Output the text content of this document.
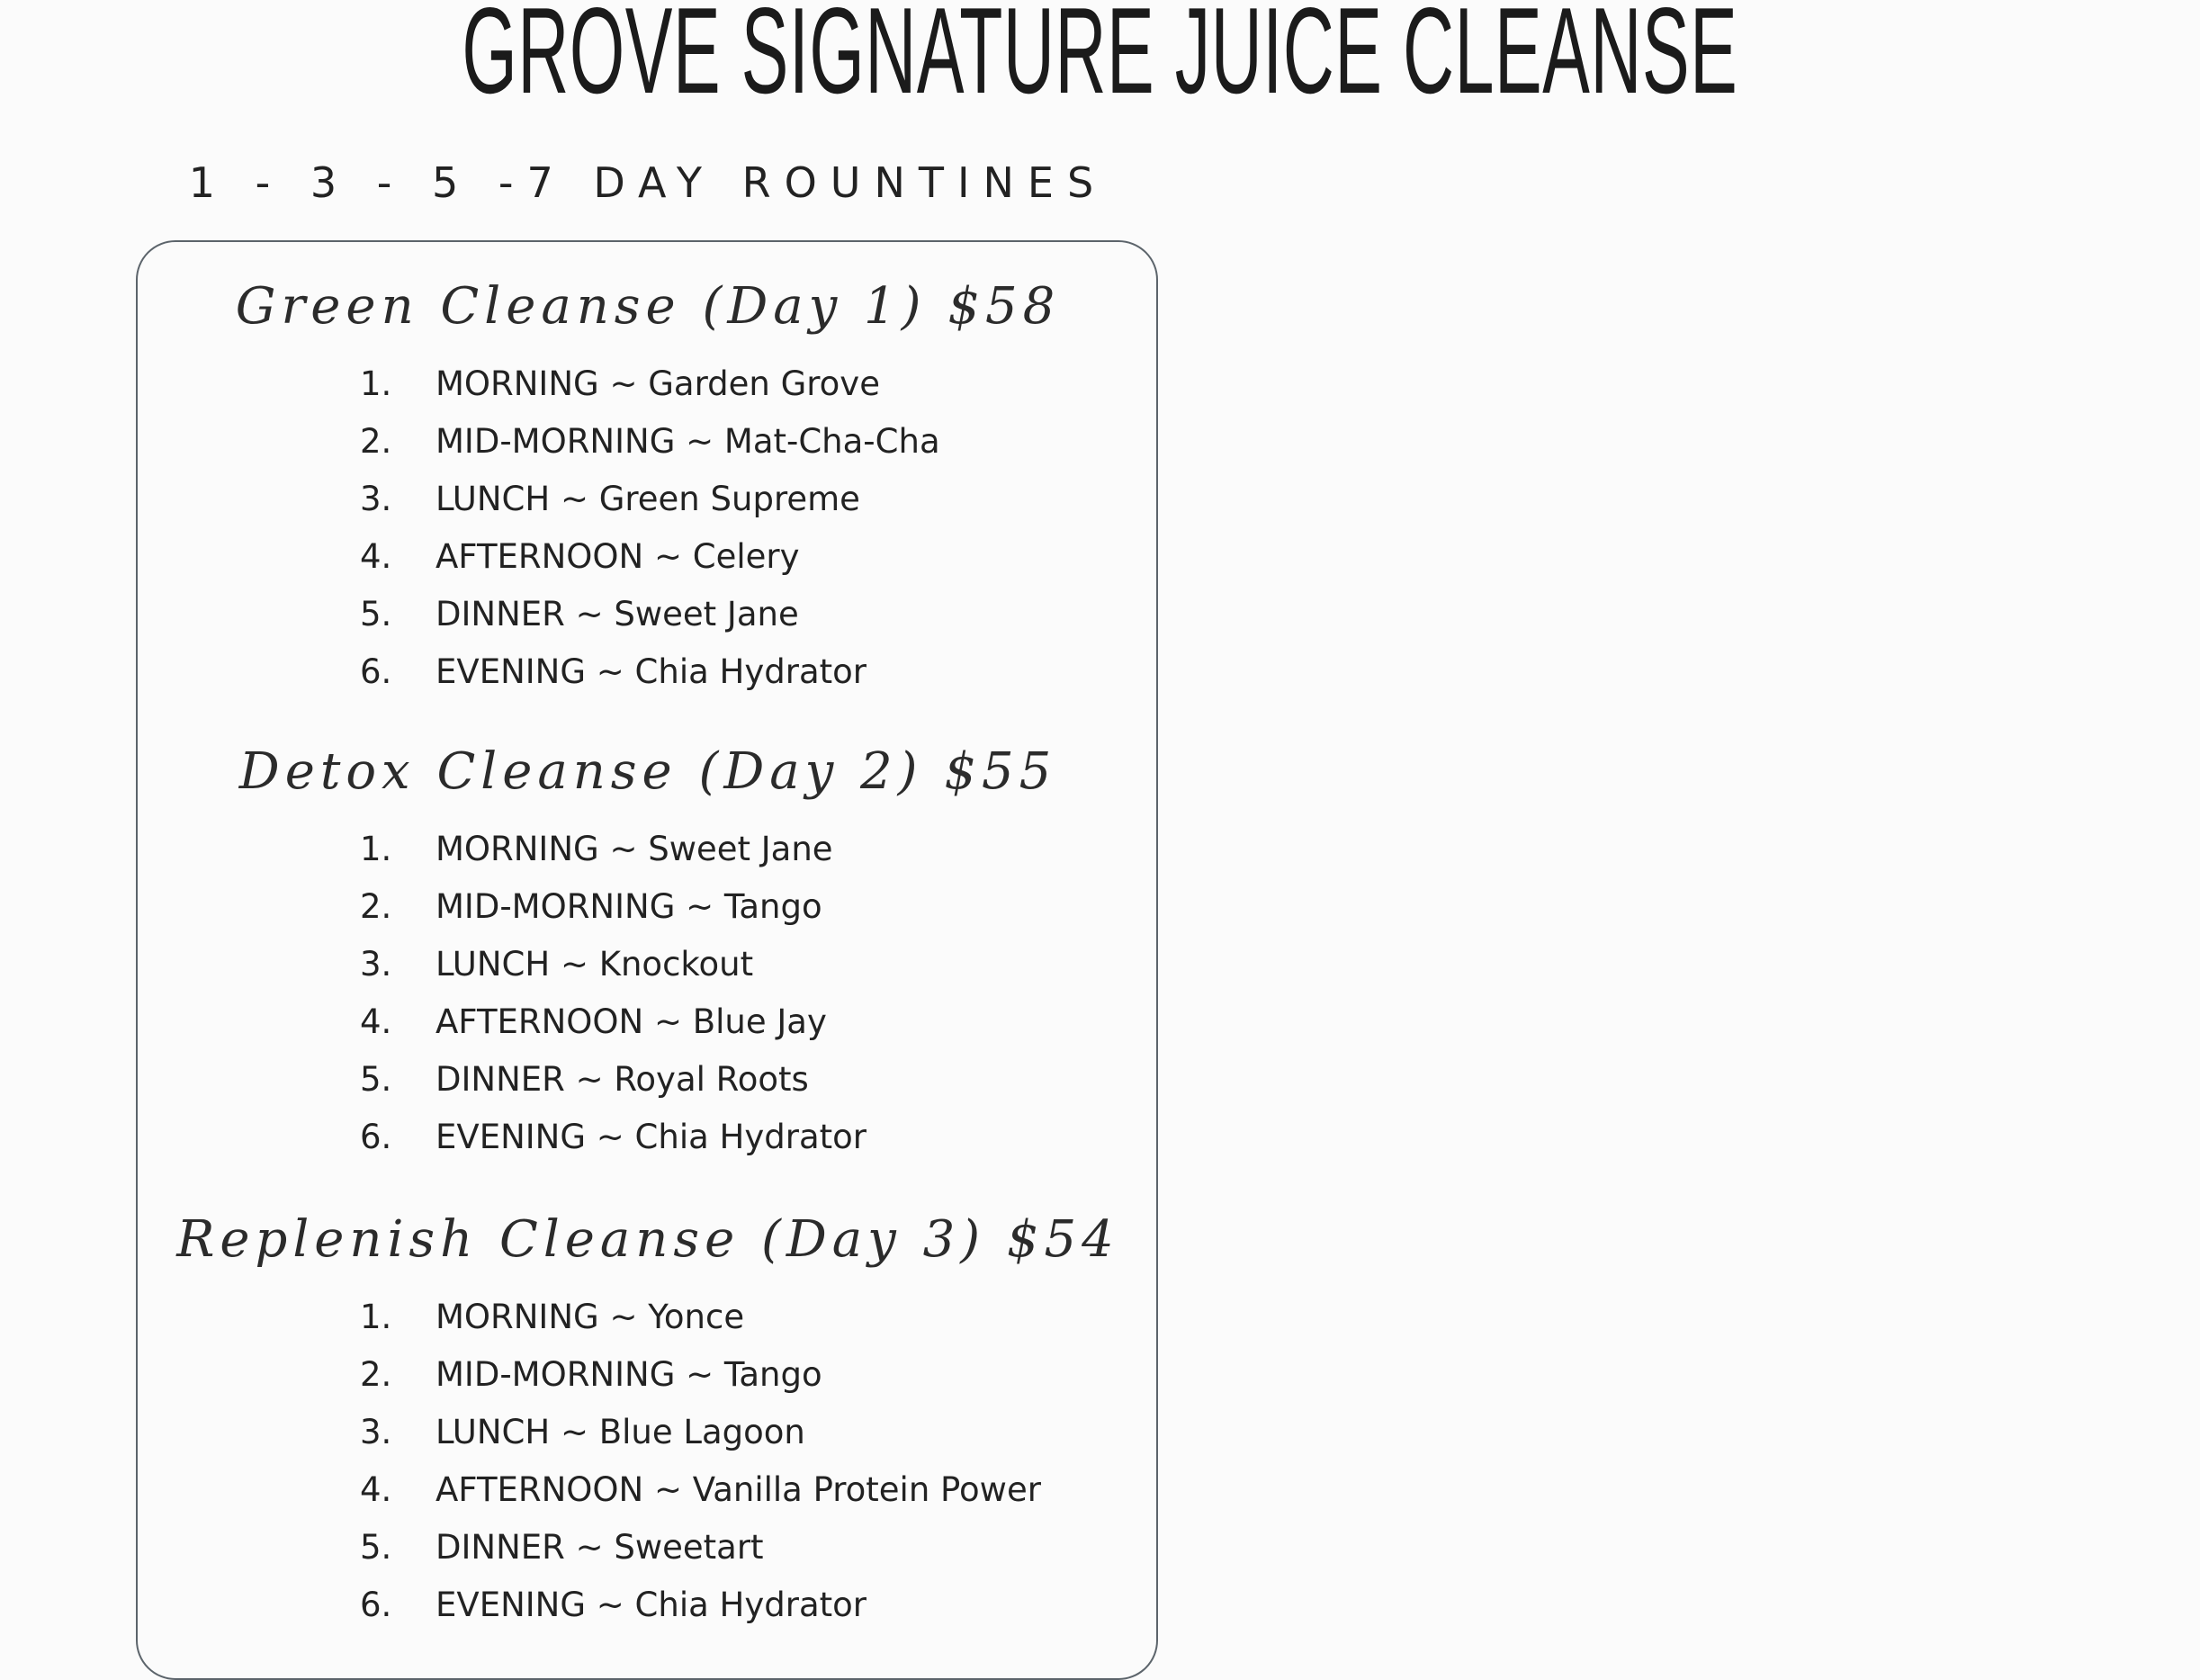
GROVE SIGNATURE JUICE CLEANSE
1 - 3 - 5 -7 DAY ROUNTINES
Green Cleanse (Day 1) $58
1. MORNING ~ Garden Grove
2. MID-MORNING ~ Mat-Cha-Cha
3. LUNCH ~ Green Supreme
4. AFTERNOON ~ Celery
5. DINNER ~ Sweet Jane
6. EVENING ~ Chia Hydrator
Detox Cleanse (Day 2) $55
1. MORNING ~ Sweet Jane
2. MID-MORNING ~ Tango
3. LUNCH ~ Knockout
4. AFTERNOON ~ Blue Jay
5. DINNER ~ Royal Roots
6. EVENING ~ Chia Hydrator
Replenish Cleanse (Day 3) $54
1. MORNING ~ Yonce
2. MID-MORNING ~ Tango
3. LUNCH ~ Blue Lagoon
4. AFTERNOON ~ Vanilla Protein Power
5. DINNER ~ Sweetart
6. EVENING ~ Chia Hydrator
